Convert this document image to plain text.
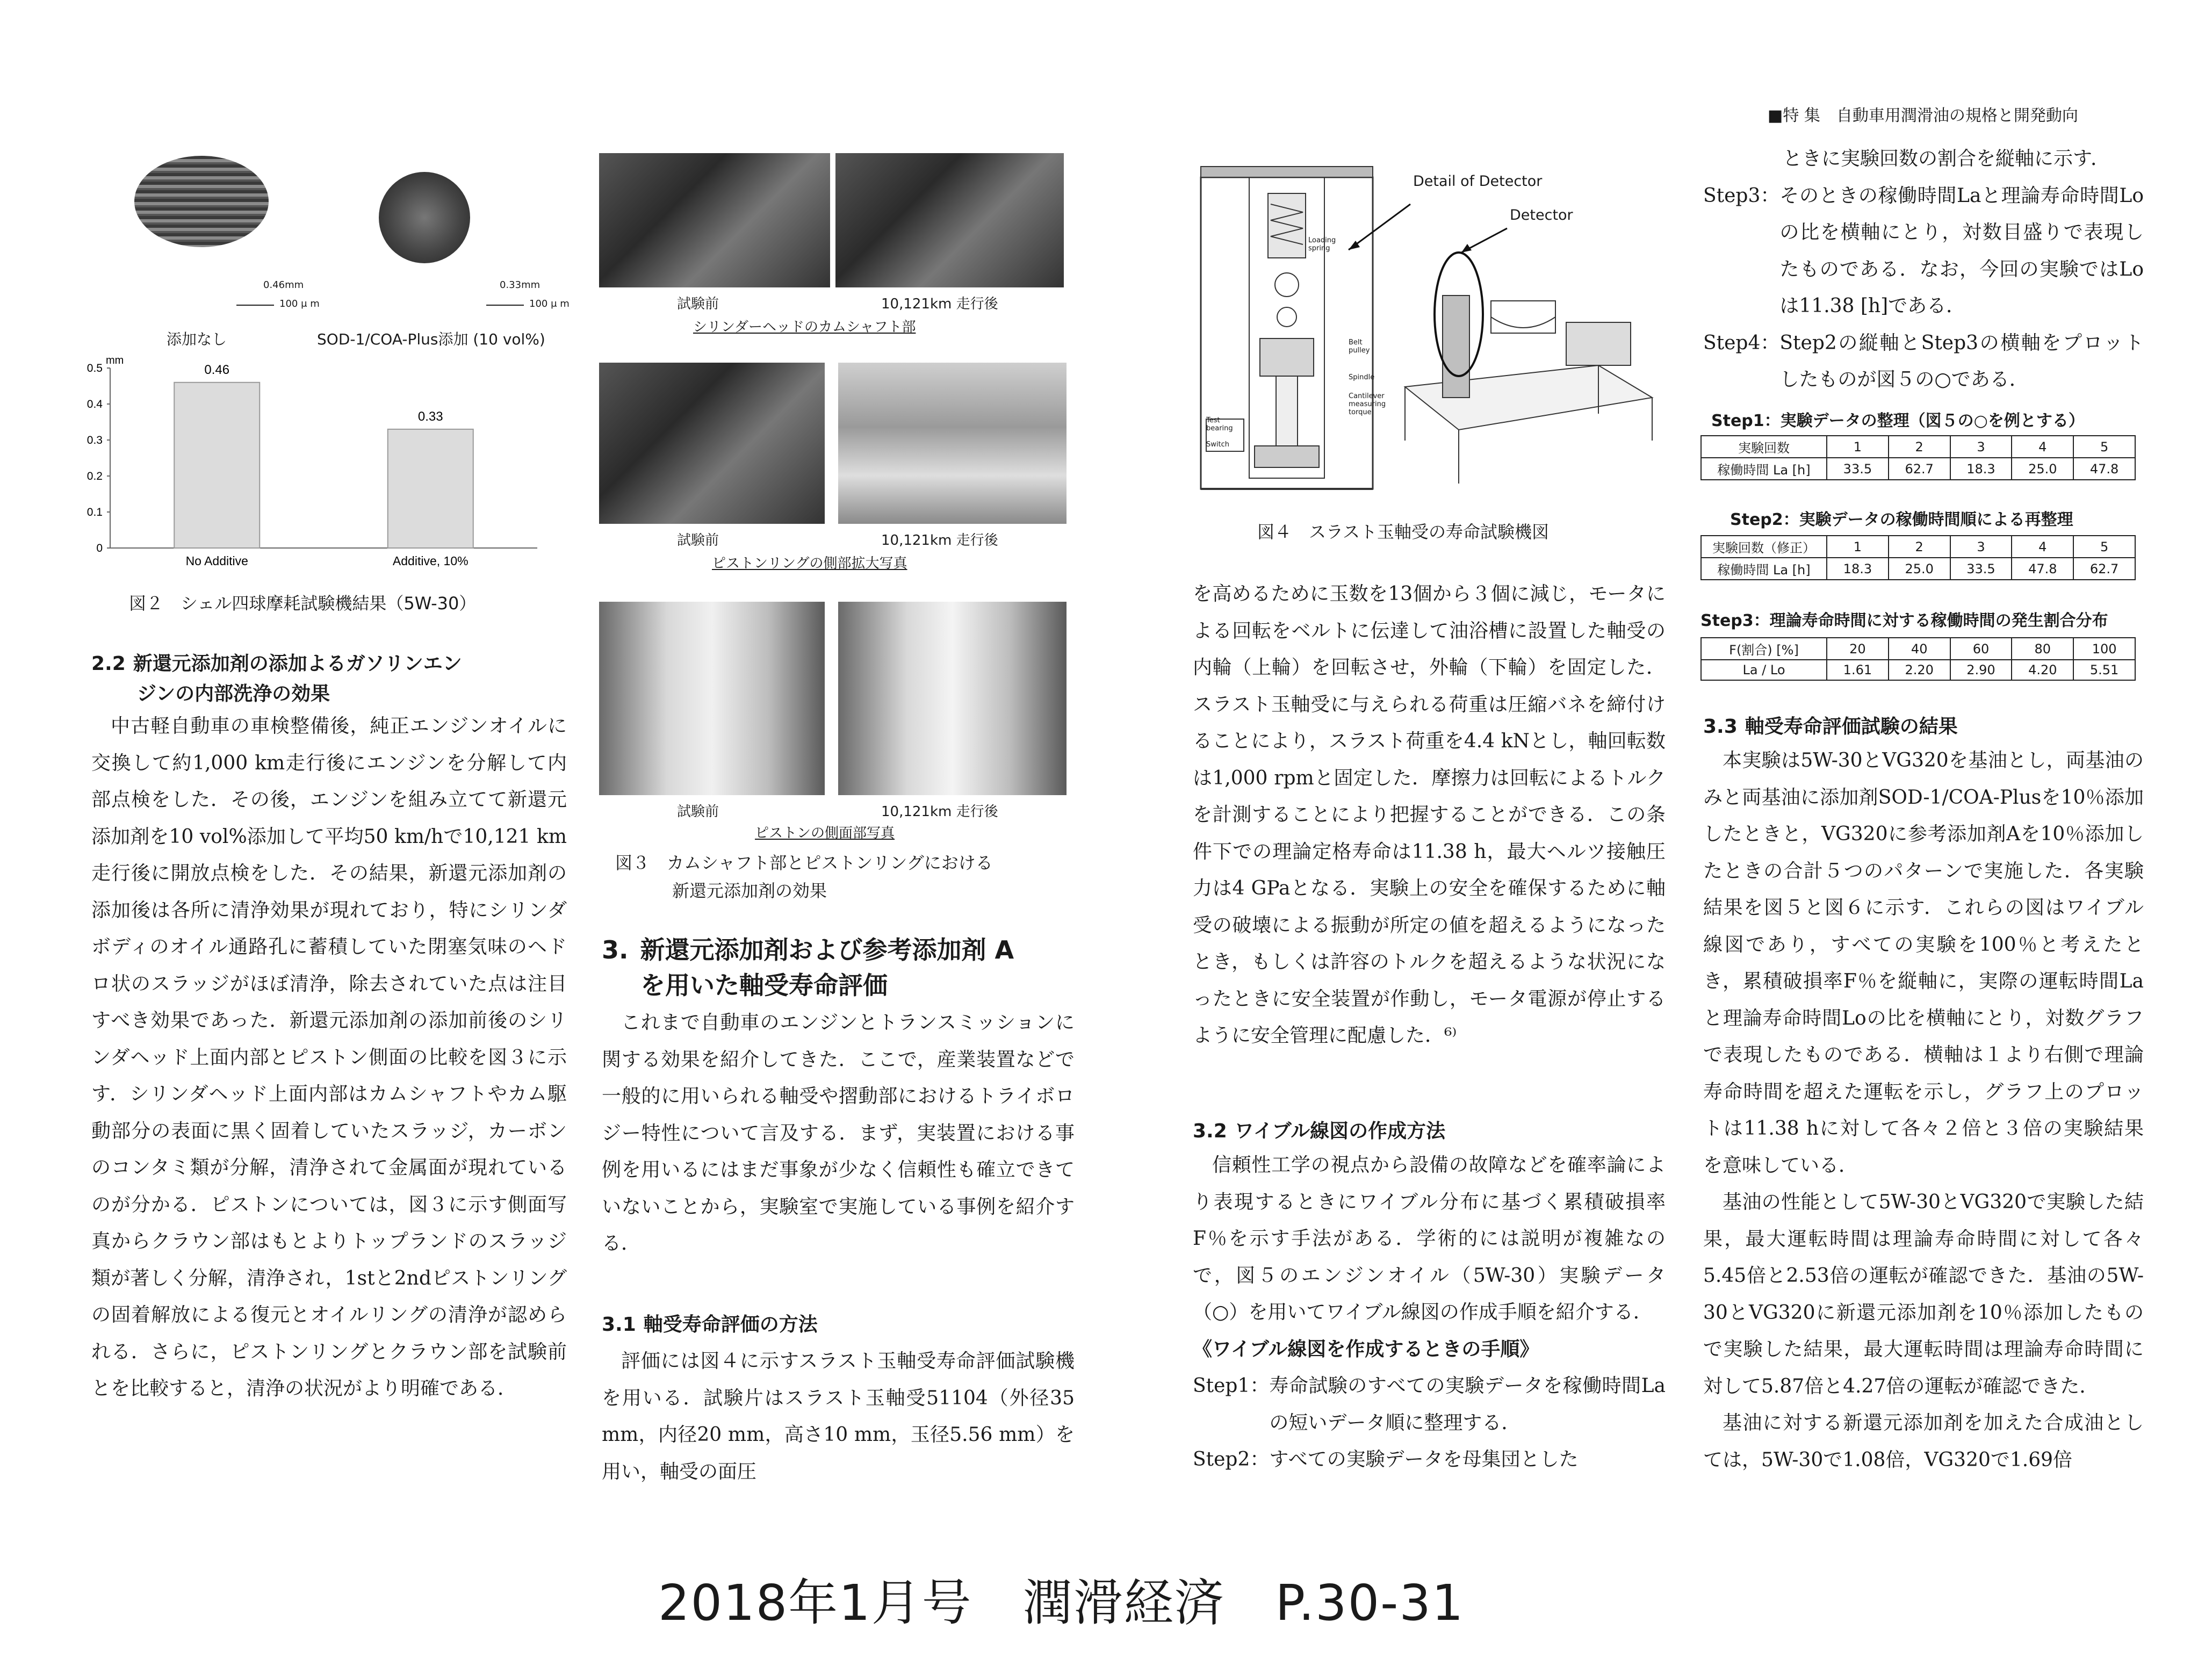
■特 集 自動車用潤滑油の規格と開発動向
0.46mm	0.33mm
100 μ m	100 μ m
添加なし	SOD-1/COA-Plus添加 (10 vol%)
mm
0
0.1
0.2
0.3
0.4
0.5	0.46
No Additive
0.33
Additive, 10%
図２　シェル四球摩耗試験機結果（5W-30）
2.2 新還元添加剤の添加よるガソリンエン
ジンの内部洗浄の効果

中古軽自動車の車検整備後，純正エンジンオイルに交換して約1,000 km走行後にエンジンを分解して内部点検をした．その後，エンジンを組み立てて新還元添加剤を10 vol%添加して平均50 km/hで10,121 km走行後に開放点検をした．その結果，新還元添加剤の添加後は各所に清浄効果が現れており，特にシリンダボディのオイル通路孔に蓄積していた閉塞気味のヘドロ状のスラッジがほぼ清浄，除去されていた点は注目すべき効果であった．新還元添加剤の添加前後のシリンダヘッド上面内部とピストン側面の比較を図３に示す．シリンダヘッド上面内部はカムシャフトやカム駆動部分の表面に黒く固着していたスラッジ，カーボンのコンタミ類が分解，清浄されて金属面が現れているのが分かる．ピストンについては，図３に示す側面写真からクラウン部はもとよりトップランドのスラッジ類が著しく分解，清浄され，1stと2ndピストンリングの固着解放による復元とオイルリングの清浄が認められる．さらに，ピストンリングとクラウン部を試験前とを比較すると，清浄の状況がより明確である．

試験前	10,121km 走行後
シリンダーヘッドのカムシャフト部
試験前	10,121km 走行後
ピストンリングの側部拡大写真
試験前	10,121km 走行後
ピストンの側面部写真
図３　カムシャフト部とピストンリングにおける
新還元添加剤の効果
3. 新還元添加剤および参考添加剤 A
を用いた軸受寿命評価

これまで自動車のエンジンとトランスミッションに関する効果を紹介してきた．ここで，産業装置などで一般的に用いられる軸受や摺動部におけるトライボロジー特性について言及する．まず，実装置における事例を用いるにはまだ事象が少なく信頼性も確立できていないことから，実験室で実施している事例を紹介する．

3.1 軸受寿命評価の方法

評価には図４に示すスラスト玉軸受寿命評価試験機を用いる．試験片はスラスト玉軸受51104（外径35 mm，内径20 mm，高さ10 mm，玉径5.56 mm）を用い，軸受の面圧

Detail of Detector
Detector
Loading spring
Belt pulley
Spindle
Cantilever measuring torque
Test bearing
Switch
図４　スラスト玉軸受の寿命試験機図

を高めるために玉数を13個から３個に減じ，モータによる回転をベルトに伝達して油浴槽に設置した軸受の内輪（上輪）を回転させ，外輪（下輪）を固定した．スラスト玉軸受に与えられる荷重は圧縮バネを締付けることにより，スラスト荷重を4.4 kNとし，軸回転数は1,000 rpmと固定した．摩擦力は回転によるトルクを計測することにより把握することができる．この条件下での理論定格寿命は11.38 h，最大ヘルツ接触圧力は4 GPaとなる．実験上の安全を確保するために軸受の破壊による振動が所定の値を超えるようになったとき，もしくは許容のトルクを超えるような状況になったときに安全装置が作動し，モータ電源が停止するように安全管理に配慮した．⁶⁾

3.2 ワイブル線図の作成方法

信頼性工学の視点から設備の故障などを確率論により表現するときにワイブル分布に基づく累積破損率F％を示す手法がある．学術的には説明が複雑なので，図５のエンジンオイル（5W-30）実験データ（○）を用いてワイブル線図の作成手順を紹介する．

《ワイブル線図を作成するときの手順》
Step1： 寿命試験のすべての実験データを稼働時間Laの短いデータ順に整理する．
Step2： すべての実験データを母集団とした
ときに実験回数の割合を縦軸に示す．
Step3： そのときの稼働時間Laと理論寿命時間Loの比を横軸にとり，対数目盛りで表現したものである．なお，今回の実験ではLoは11.38 [h]である．
Step4： Step2の縦軸とStep3の横軸をプロットしたものが図５の○である．
Step1：実験データの整理（図５の○を例とする）
実験回数	1	2	3	4	5
稼働時間 La [h]	33.5	62.7	18.3	25.0	47.8
Step2：実験データの稼働時間順による再整理
実験回数（修正）	1	2	3	4	5
稼働時間 La [h]	18.3	25.0	33.5	47.8	62.7
Step3：理論寿命時間に対する稼働時間の発生割合分布
F(割合) [%]	20	40	60	80	100
La / Lo	1.61	2.20	2.90	4.20	5.51
3.3 軸受寿命評価試験の結果

本実験は5W-30とVG320を基油とし，両基油のみと両基油に添加剤SOD-1/COA-Plusを10％添加したときと，VG320に参考添加剤Aを10％添加したときの合計５つのパターンで実施した．各実験結果を図５と図６に示す．これらの図はワイブル線図であり，すべての実験を100％と考えたとき，累積破損率F％を縦軸に，実際の運転時間Laと理論寿命時間Loの比を横軸にとり，対数グラフで表現したものである．横軸は１より右側で理論寿命時間を超えた運転を示し，グラフ上のプロットは11.38 hに対して各々２倍と３倍の実験結果を意味している．

基油の性能として5W-30とVG320で実験した結果，最大運転時間は理論寿命時間に対して各々5.45倍と2.53倍の運転が確認できた．基油の5W-30とVG320に新還元添加剤を10％添加したもので実験した結果，最大運転時間は理論寿命時間に対して5.87倍と4.27倍の運転が確認できた．

基油に対する新還元添加剤を加えた合成油としては，5W-30で1.08倍，VG320で1.69倍

2018年1月号　潤滑経済　P.30-31
